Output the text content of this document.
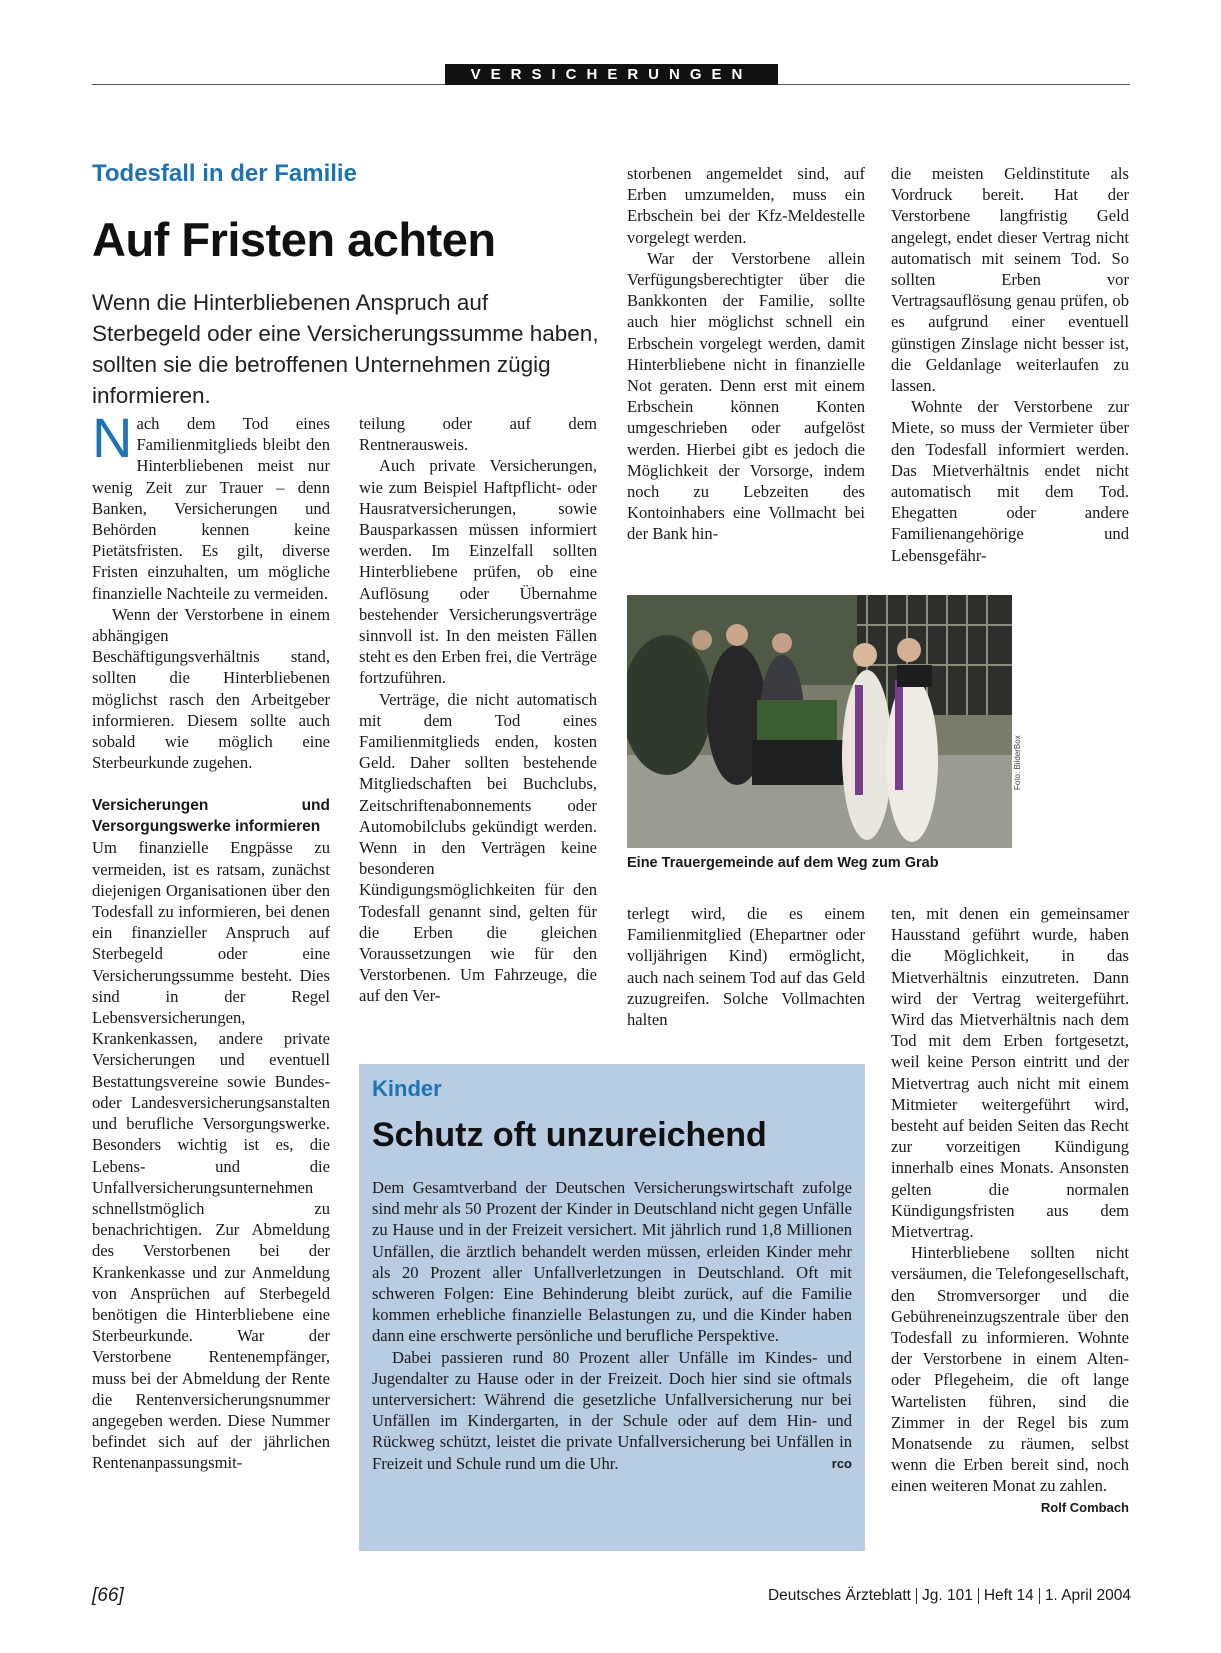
VERSICHERUNGEN
Todesfall in der Familie
Auf Fristen achten
Wenn die Hinterbliebenen Anspruch auf Sterbegeld oder eine Versicherungssumme haben, sollten sie die betroffenen Unternehmen zügig informieren.

Nach dem Tod eines Familienmitglieds bleibt den Hinterbliebenen meist nur wenig Zeit zur Trauer – denn Banken, Versicherungen und Behörden kennen keine Pietätsfristen. Es gilt, diverse Fristen einzuhalten, um mögliche finanzielle Nachteile zu vermeiden.

Wenn der Verstorbene in einem abhängigen Beschäftigungsverhältnis stand, sollten die Hinterbliebenen möglichst rasch den Arbeitgeber informieren. Diesem sollte auch sobald wie möglich eine Sterbeurkunde zugehen.

Versicherungen und Versorgungswerke informieren

Um finanzielle Engpässe zu vermeiden, ist es ratsam, zunächst diejenigen Organisationen über den Todesfall zu informieren, bei denen ein finanzieller Anspruch auf Sterbegeld oder eine Versicherungssumme besteht. Dies sind in der Regel Lebensversicherungen, Krankenkassen, andere private Versicherungen und eventuell Bestattungsvereine sowie Bundes- oder Landesversicherungsanstalten und berufliche Versorgungswerke. Besonders wichtig ist es, die Lebens- und die Unfallversicherungsunternehmen schnellstmöglich zu benachrichtigen. Zur Abmeldung des Verstorbenen bei der Krankenkasse und zur Anmeldung von Ansprüchen auf Sterbegeld benötigen die Hinterbliebene eine Sterbeurkunde. War der Verstorbene Rentenempfänger, muss bei der Abmeldung der Rente die Rentenversicherungsnummer angegeben werden. Diese Nummer befindet sich auf der jährlichen Rentenanpassungsmit-

teilung oder auf dem Rentnerausweis.

Auch private Versicherungen, wie zum Beispiel Haftpflicht- oder Hausratversicherungen, sowie Bausparkassen müssen informiert werden. Im Einzelfall sollten Hinterbliebene prüfen, ob eine Auflösung oder Übernahme bestehender Versicherungsverträge sinnvoll ist. In den meisten Fällen steht es den Erben frei, die Verträge fortzuführen.

Verträge, die nicht automatisch mit dem Tod eines Familienmitglieds enden, kosten Geld. Daher sollten bestehende Mitgliedschaften bei Buchclubs, Zeitschriftenabonnements oder Automobilclubs gekündigt werden. Wenn in den Verträgen keine besonderen Kündigungsmöglichkeiten für den Todesfall genannt sind, gelten für die Erben die gleichen Voraussetzungen wie für den Verstorbenen. Um Fahrzeuge, die auf den Ver-

storbenen angemeldet sind, auf Erben umzumelden, muss ein Erbschein bei der Kfz-Meldestelle vorgelegt werden.

War der Verstorbene allein Verfügungsberechtigter über die Bankkonten der Familie, sollte auch hier möglichst schnell ein Erbschein vorgelegt werden, damit Hinterbliebene nicht in finanzielle Not geraten. Denn erst mit einem Erbschein können Konten umgeschrieben oder aufgelöst werden. Hierbei gibt es jedoch die Möglichkeit der Vorsorge, indem noch zu Lebzeiten des Kontoinhabers eine Vollmacht bei der Bank hin-

die meisten Geldinstitute als Vordruck bereit. Hat der Verstorbene langfristig Geld angelegt, endet dieser Vertrag nicht automatisch mit seinem Tod. So sollten Erben vor Vertragsauflösung genau prüfen, ob es aufgrund einer eventuell günstigen Zinslage nicht besser ist, die Geldanlage weiterlaufen zu lassen.

Wohnte der Verstorbene zur Miete, so muss der Vermieter über den Todesfall informiert werden. Das Mietverhältnis endet nicht automatisch mit dem Tod. Ehegatten oder andere Familienangehörige und Lebensgefähr-

Foto: BilderBox
Eine Trauergemeinde auf dem Weg zum Grab

terlegt wird, die es einem Familienmitglied (Ehepartner oder volljährigen Kind) ermöglicht, auch nach seinem Tod auf das Geld zuzugreifen. Solche Vollmachten halten

ten, mit denen ein gemeinsamer Hausstand geführt wurde, haben die Möglichkeit, in das Mietverhältnis einzutreten. Dann wird der Vertrag weitergeführt. Wird das Mietverhältnis nach dem Tod mit dem Erben fortgesetzt, weil keine Person eintritt und der Mietvertrag auch nicht mit einem Mitmieter weitergeführt wird, besteht auf beiden Seiten das Recht zur vorzeitigen Kündigung innerhalb eines Monats. Ansonsten gelten die normalen Kündigungsfristen aus dem Mietvertrag.

Hinterbliebene sollten nicht versäumen, die Telefongesellschaft, den Stromversorger und die Gebühreneinzugszentrale über den Todesfall zu informieren. Wohnte der Verstorbene in einem Alten- oder Pflegeheim, die oft lange Wartelisten führen, sind die Zimmer in der Regel bis zum Monatsende zu räumen, selbst wenn die Erben bereit sind, noch einen weiteren Monat zu zahlen.
Rolf Combach

Kinder
Schutz oft unzureichend

Dem Gesamtverband der Deutschen Versicherungswirtschaft zufolge sind mehr als 50 Prozent der Kinder in Deutschland nicht gegen Unfälle zu Hause und in der Freizeit versichert. Mit jährlich rund 1,8 Millionen Unfällen, die ärztlich behandelt werden müssen, erleiden Kinder mehr als 20 Prozent aller Unfallverletzungen in Deutschland. Oft mit schweren Folgen: Eine Behinderung bleibt zurück, auf die Familie kommen erhebliche finanzielle Belastungen zu, und die Kinder haben dann eine erschwerte persönliche und berufliche Perspektive.

Dabei passieren rund 80 Prozent aller Unfälle im Kindes- und Jugendalter zu Hause oder in der Freizeit. Doch hier sind sie oftmals unterversichert: Während die gesetzliche Unfallversicherung nur bei Unfällen im Kindergarten, in der Schule oder auf dem Hin- und Rückweg schützt, leistet die private Unfallversicherung bei Unfällen in Freizeit und Schule rund um die Uhr.	rco

[66]	Deutsches Ärzteblatt Jg. 101 Heft 14 1. April 2004
